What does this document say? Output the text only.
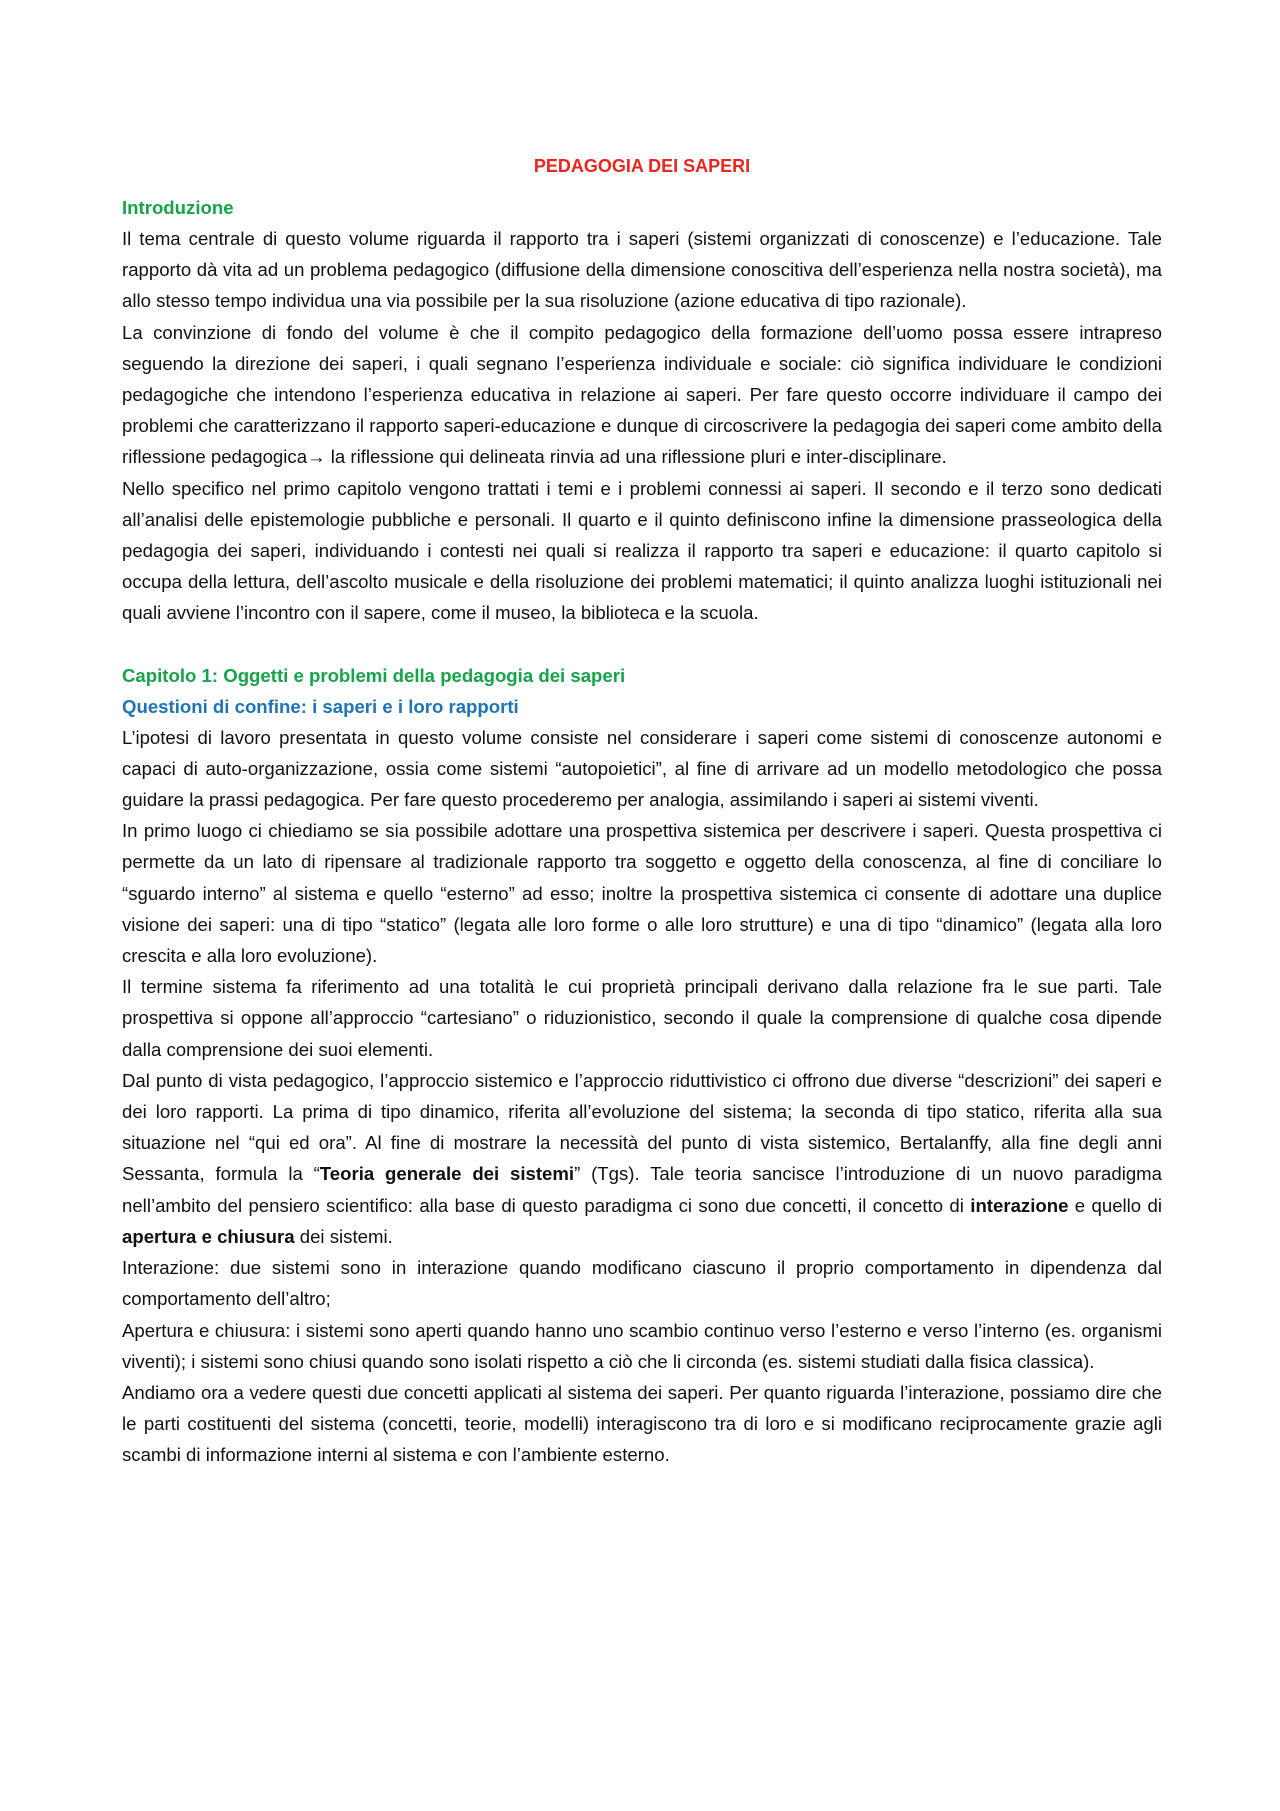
PEDAGOGIA DEI SAPERI
Introduzione

Il tema centrale di questo volume riguarda il rapporto tra i saperi (sistemi organizzati di conoscenze) e l’educazione. Tale rapporto dà vita ad un problema pedagogico (diffusione della dimensione conoscitiva dell’esperienza nella nostra società), ma allo stesso tempo individua una via possibile per la sua risoluzione (azione educativa di tipo razionale).

La convinzione di fondo del volume è che il compito pedagogico della formazione dell’uomo possa essere intrapreso seguendo la direzione dei saperi, i quali segnano l’esperienza individuale e sociale: ciò significa individuare le condizioni pedagogiche che intendono l’esperienza educativa in relazione ai saperi. Per fare questo occorre individuare il campo dei problemi che caratterizzano il rapporto saperi-educazione e dunque di circoscrivere la pedagogia dei saperi come ambito della riflessione pedagogica→ la riflessione qui delineata rinvia ad una riflessione pluri e inter-disciplinare.

Nello specifico nel primo capitolo vengono trattati i temi e i problemi connessi ai saperi. Il secondo e il terzo sono dedicati all’analisi delle epistemologie pubbliche e personali. Il quarto e il quinto definiscono infine la dimensione prasseologica della pedagogia dei saperi, individuando i contesti nei quali si realizza il rapporto tra saperi e educazione: il quarto capitolo si occupa della lettura, dell’ascolto musicale e della risoluzione dei problemi matematici; il quinto analizza luoghi istituzionali nei quali avviene l’incontro con il sapere, come il museo, la biblioteca e la scuola.

Capitolo 1: Oggetti e problemi della pedagogia dei saperi
Questioni di confine: i saperi e i loro rapporti

L’ipotesi di lavoro presentata in questo volume consiste nel considerare i saperi come sistemi di conoscenze autonomi e capaci di auto-organizzazione, ossia come sistemi “autopoietici”, al fine di arrivare ad un modello metodologico che possa guidare la prassi pedagogica. Per fare questo procederemo per analogia, assimilando i saperi ai sistemi viventi.

In primo luogo ci chiediamo se sia possibile adottare una prospettiva sistemica per descrivere i saperi. Questa prospettiva ci permette da un lato di ripensare al tradizionale rapporto tra soggetto e oggetto della conoscenza, al fine di conciliare lo “sguardo interno” al sistema e quello “esterno” ad esso; inoltre la prospettiva sistemica ci consente di adottare una duplice visione dei saperi: una di tipo “statico” (legata alle loro forme o alle loro strutture) e una di tipo “dinamico” (legata alla loro crescita e alla loro evoluzione).

Il termine sistema fa riferimento ad una totalità le cui proprietà principali derivano dalla relazione fra le sue parti. Tale prospettiva si oppone all’approccio “cartesiano” o riduzionistico, secondo il quale la comprensione di qualche cosa dipende dalla comprensione dei suoi elementi.

Dal punto di vista pedagogico, l’approccio sistemico e l’approccio riduttivistico ci offrono due diverse “descrizioni” dei saperi e dei loro rapporti. La prima di tipo dinamico, riferita all’evoluzione del sistema; la seconda di tipo statico, riferita alla sua situazione nel “qui ed ora”. Al fine di mostrare la necessità del punto di vista sistemico, Bertalanffy, alla fine degli anni Sessanta, formula la “Teoria generale dei sistemi” (Tgs). Tale teoria sancisce l’introduzione di un nuovo paradigma nell’ambito del pensiero scientifico: alla base di questo paradigma ci sono due concetti, il concetto di interazione e quello di apertura e chiusura dei sistemi.

Interazione: due sistemi sono in interazione quando modificano ciascuno il proprio comportamento in dipendenza dal comportamento dell’altro;

Apertura e chiusura: i sistemi sono aperti quando hanno uno scambio continuo verso l’esterno e verso l’interno (es. organismi viventi); i sistemi sono chiusi quando sono isolati rispetto a ciò che li circonda (es. sistemi studiati dalla fisica classica).

Andiamo ora a vedere questi due concetti applicati al sistema dei saperi. Per quanto riguarda l’interazione, possiamo dire che le parti costituenti del sistema (concetti, teorie, modelli) interagiscono tra di loro e si modificano reciprocamente grazie agli scambi di informazione interni al sistema e con l’ambiente esterno.
